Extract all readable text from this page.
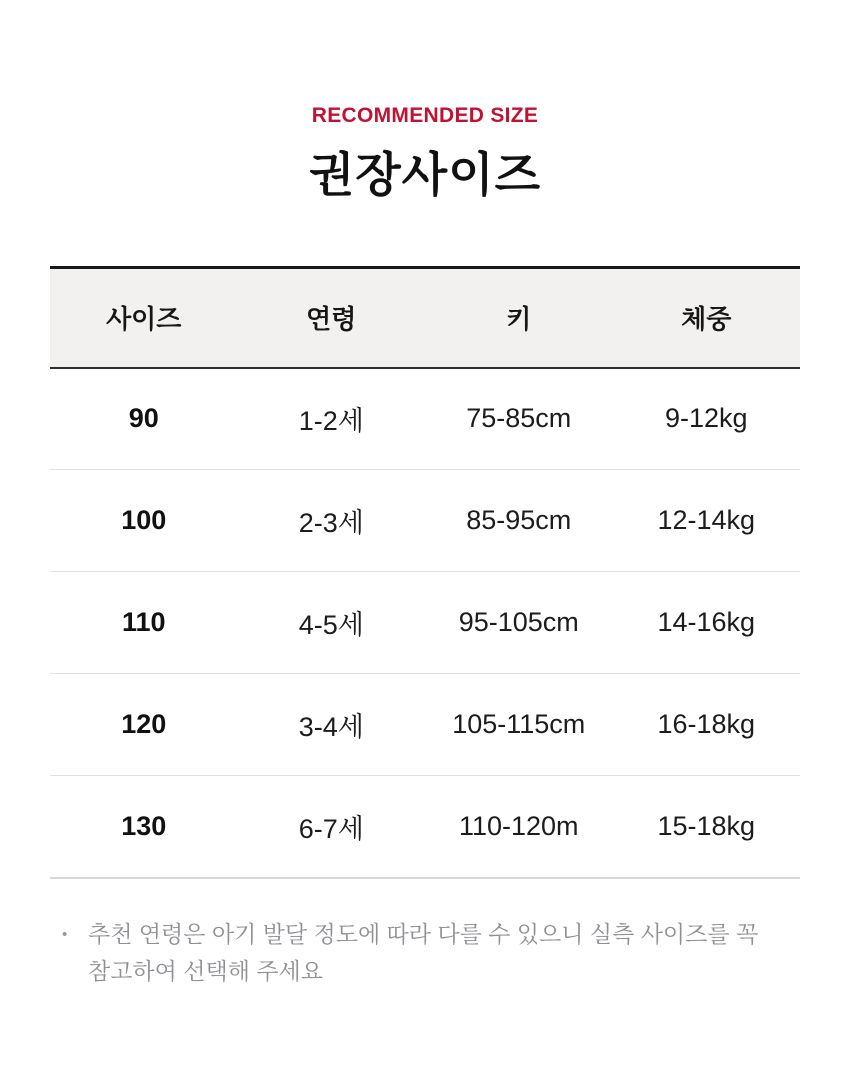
RECOMMENDED SIZE
권장사이즈
사이즈	연령	키	체중
90	1-2세	75-85cm	9-12kg
100	2-3세	85-95cm	12-14kg
110	4-5세	95-105cm	14-16kg
120	3-4세	105-115cm	16-18kg
130	6-7세	110-120m	15-18kg
• 추천 연령은 아기 발달 정도에 따라 다를 수 있으니 실측 사이즈를 꼭 참고하여 선택해 주세요
